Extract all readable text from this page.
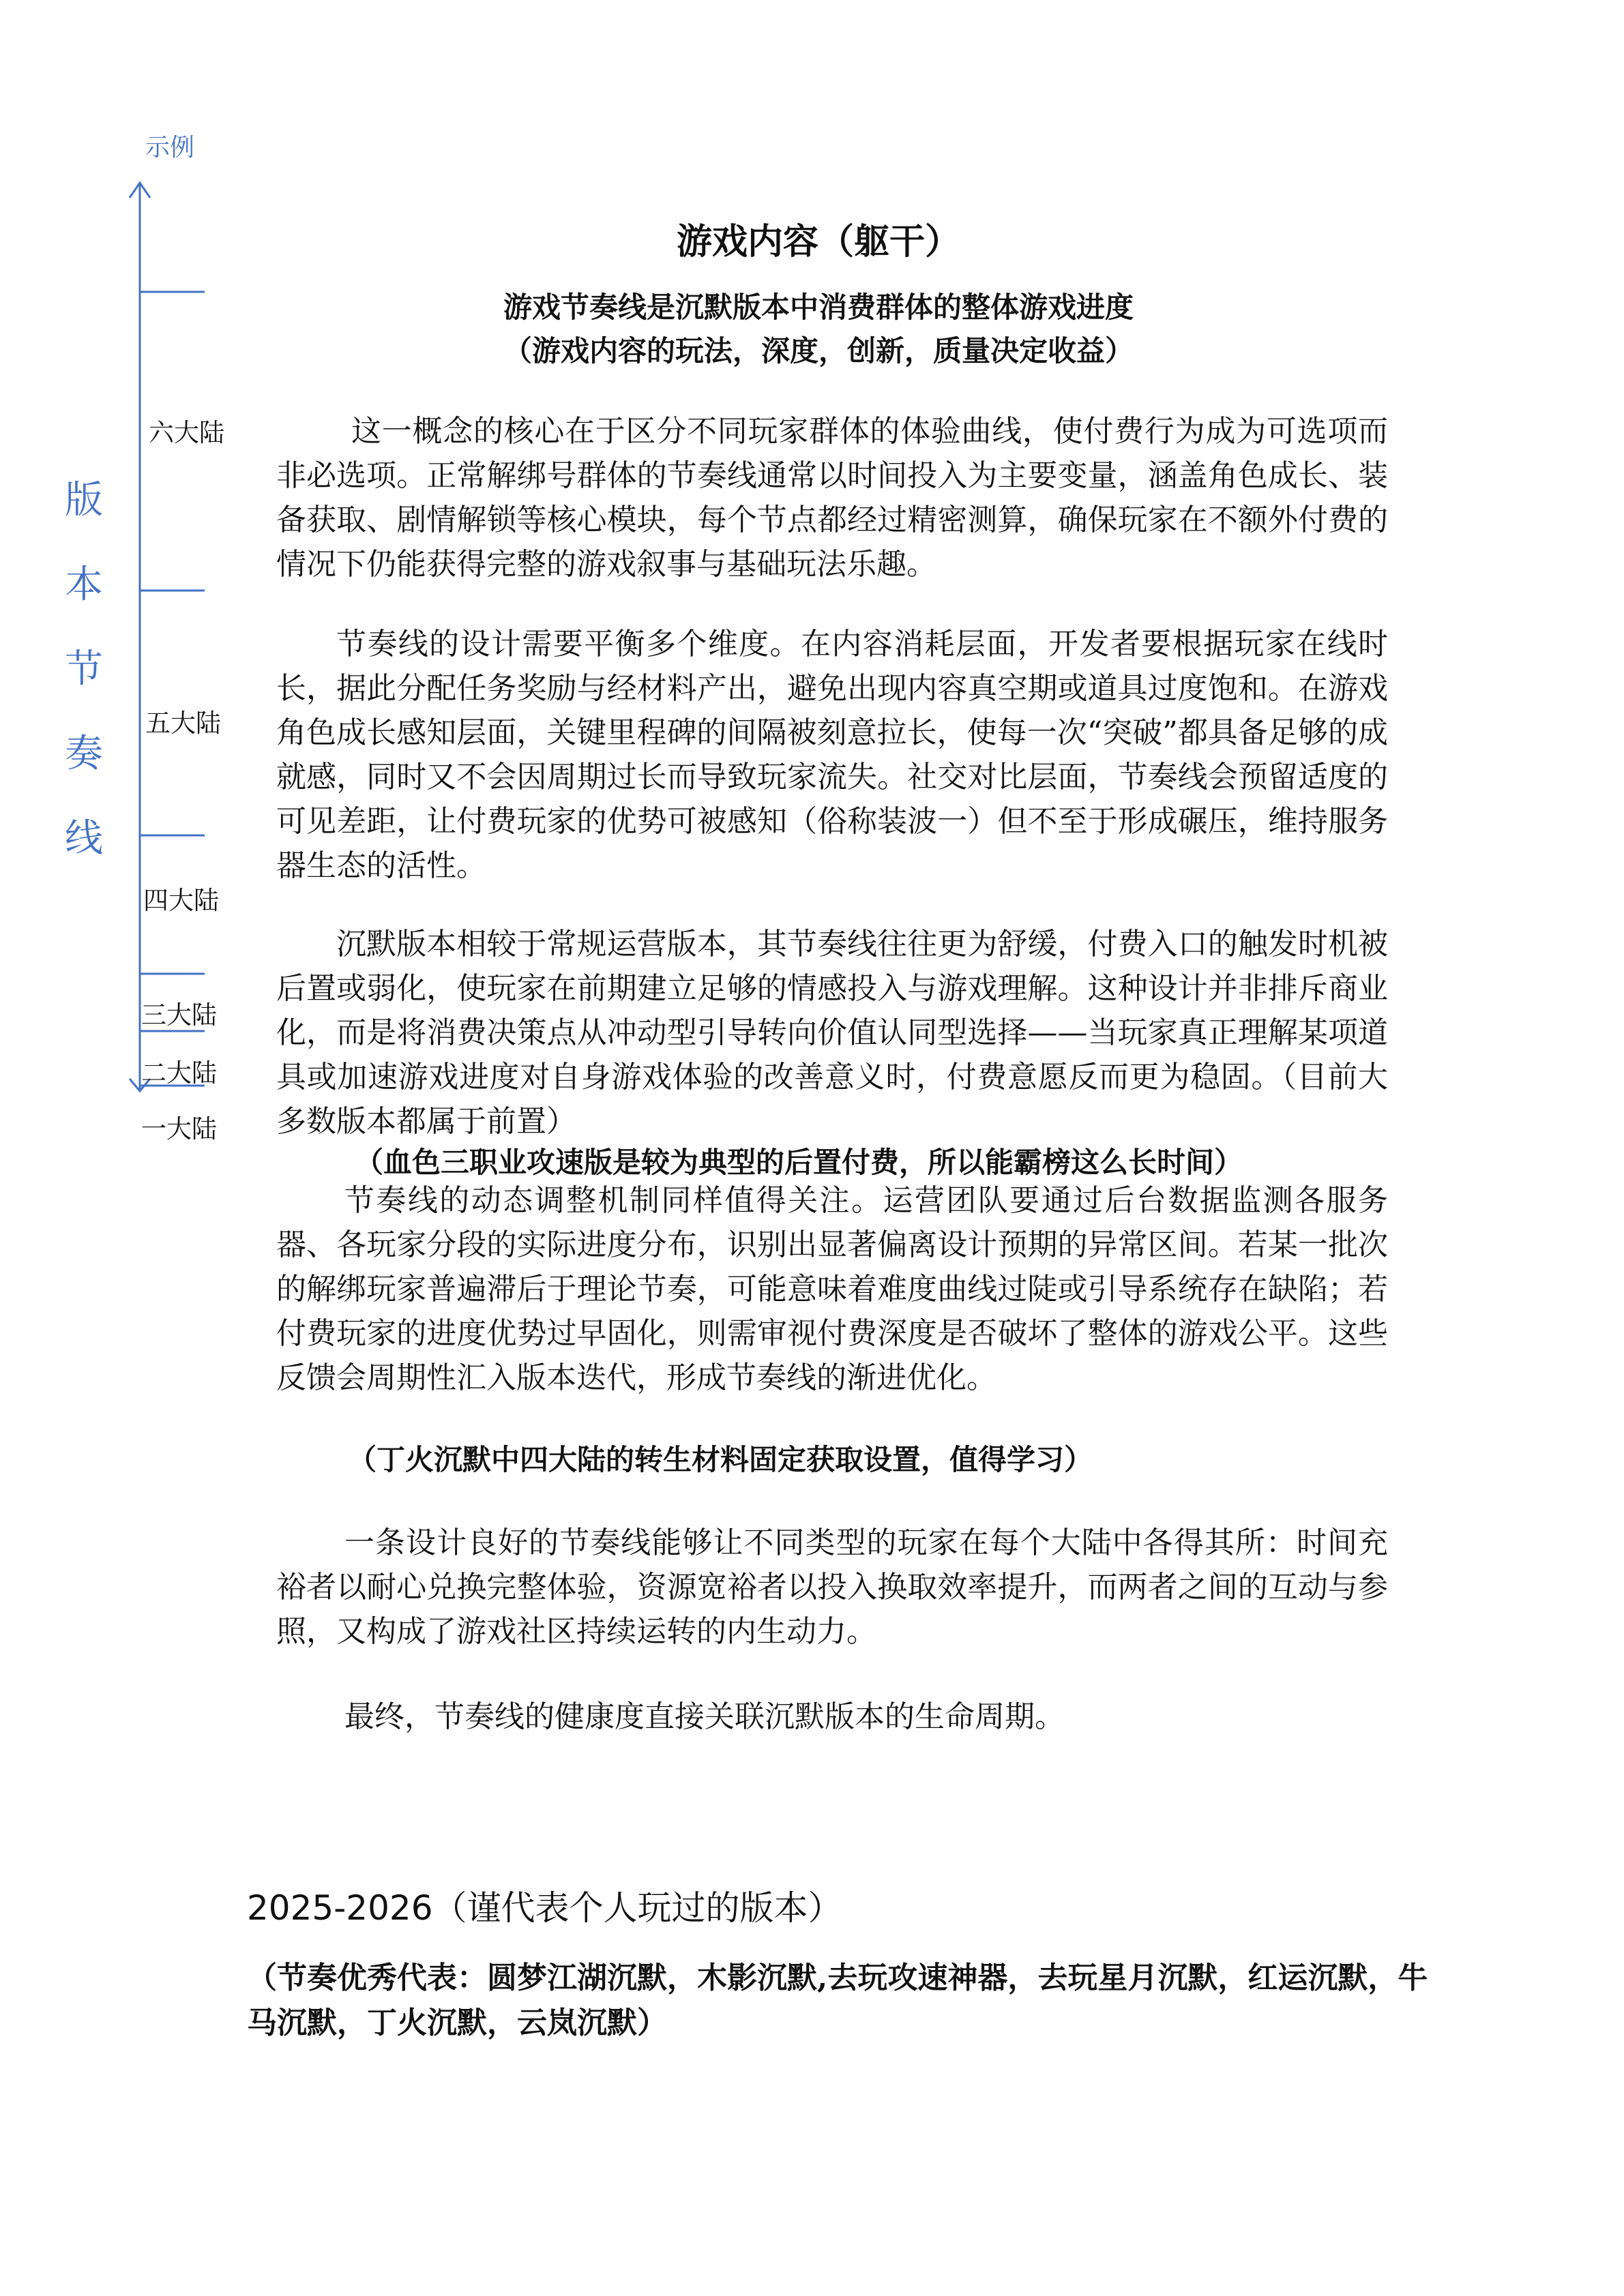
示例
版
本
节
奏
线
六大陆
五大陆
四大陆
三大陆
二大陆
一大陆
游戏内容（躯干）
游戏节奏线是沉默版本中消费群体的整体游戏进度
（游戏内容的玩法，深度，创新，质量决定收益）

这一概念的核心在于区分不同玩家群体的体验曲线，使付费行为成为可选项而非必选项。正常解绑号群体的节奏线通常以时间投入为主要变量，涵盖角色成长、装备获取、剧情解锁等核心模块，每个节点都经过精密测算，确保玩家在不额外付费的情况下仍能获得完整的游戏叙事与基础玩法乐趣。

节奏线的设计需要平衡多个维度。在内容消耗层面，开发者要根据玩家在线时长，据此分配任务奖励与经材料产出，避免出现内容真空期或道具过度饱和。在游戏角色成长感知层面，关键里程碑的间隔被刻意拉长，使每一次“突破”都具备足够的成就感，同时又不会因周期过长而导致玩家流失。社交对比层面，节奏线会预留适度的可见差距，让付费玩家的优势可被感知（俗称装波一）但不至于形成碾压，维持服务器生态的活性。

沉默版本相较于常规运营版本，其节奏线往往更为舒缓，付费入口的触发时机被后置或弱化，使玩家在前期建立足够的情感投入与游戏理解。这种设计并非排斥商业化，而是将消费决策点从冲动型引导转向价值认同型选择——当玩家真正理解某项道具或加速游戏进度对自身游戏体验的改善意义时，付费意愿反而更为稳固。（目前大多数版本都属于前置）

（血色三职业攻速版是较为典型的后置付费，所以能霸榜这么长时间）

节奏线的动态调整机制同样值得关注。运营团队要通过后台数据监测各服务器、各玩家分段的实际进度分布，识别出显著偏离设计预期的异常区间。若某一批次的解绑玩家普遍滞后于理论节奏，可能意味着难度曲线过陡或引导系统存在缺陷；若付费玩家的进度优势过早固化，则需审视付费深度是否破坏了整体的游戏公平。这些反馈会周期性汇入版本迭代，形成节奏线的渐进优化。

（丁火沉默中四大陆的转生材料固定获取设置，值得学习）

一条设计良好的节奏线能够让不同类型的玩家在每个大陆中各得其所：时间充裕者以耐心兑换完整体验，资源宽裕者以投入换取效率提升，而两者之间的互动与参照，又构成了游戏社区持续运转的内生动力。

最终，节奏线的健康度直接关联沉默版本的生命周期。

2025-2026（谨代表个人玩过的版本）

（节奏优秀代表：圆梦江湖沉默，木影沉默,去玩攻速神器，去玩星月沉默，红运沉默，牛马沉默，丁火沉默，云岚沉默）
